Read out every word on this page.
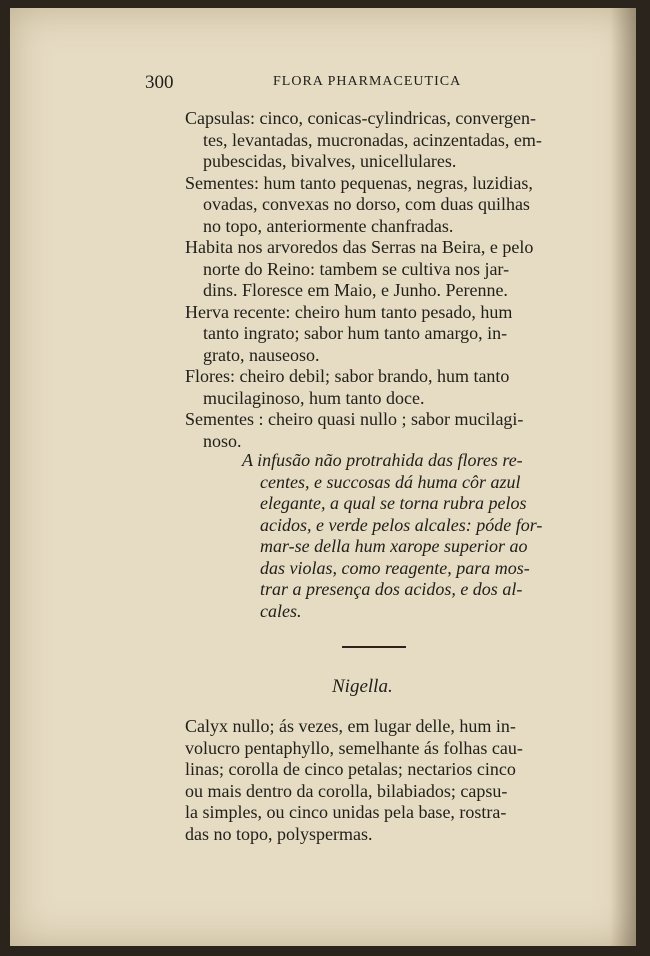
300	FLORA PHARMACEUTICA
Capsulas: cinco, conicas-cylindricas, convergen-
tes, levantadas, mucronadas, acinzentadas, em-
pubescidas, bivalves, unicellulares.
Sementes: hum tanto pequenas, negras, luzidias,
ovadas, convexas no dorso, com duas quilhas
no topo, anteriormente chanfradas.
Habita nos arvoredos das Serras na Beira, e pelo
norte do Reino: tambem se cultiva nos jar-
dins. Floresce em Maio, e Junho. Perenne.
Herva recente: cheiro hum tanto pesado, hum
tanto ingrato; sabor hum tanto amargo, in-
grato, nauseoso.
Flores: cheiro debil; sabor brando, hum tanto
mucilaginoso, hum tanto doce.
Sementes : cheiro quasi nullo ; sabor mucilagi-
noso.
A infusão não protrahida das flores re-
centes, e succosas dá huma côr azul
elegante, a qual se torna rubra pelos
acidos, e verde pelos alcales: póde for-
mar-se della hum xarope superior ao
das violas, como reagente, para mos-
trar a presença dos acidos, e dos al-
cales.
Nigella.
Calyx nullo; ás vezes, em lugar delle, hum in-
volucro pentaphyllo, semelhante ás folhas cau-
linas; corolla de cinco petalas; nectarios cinco
ou mais dentro da corolla, bilabiados; capsu-
la simples, ou cinco unidas pela base, rostra-
das no topo, polyspermas.
